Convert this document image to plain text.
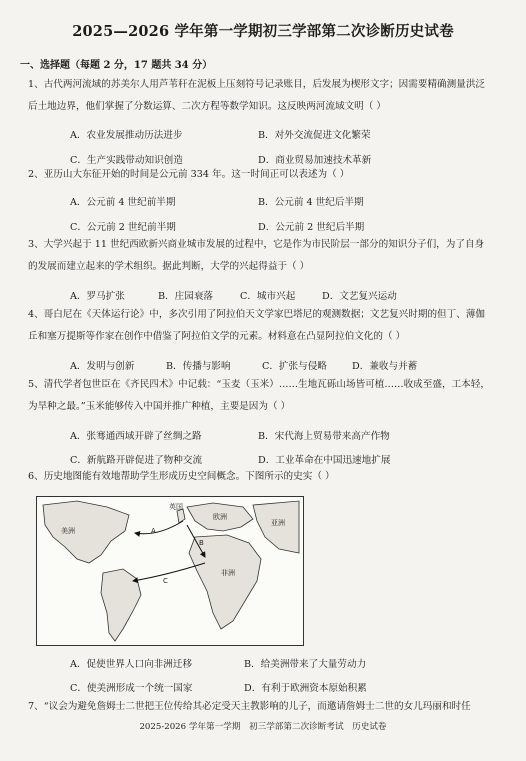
2025—2026 学年第一学期初三学部第二次诊断历史试卷
一、选择题（每题 2 分，17 题共 34 分）
1、古代两河流域的苏美尔人用芦苇秆在泥板上压刻符号记录账目，后发展为楔形文字；因需要精确测量洪泛
后土地边界，他们掌握了分数运算、二次方程等数学知识。这反映两河流域文明（ ）
A．农业发展推动历法进步	B．对外交流促进文化繁荣
C．生产实践带动知识创造	D．商业贸易加速技术革新
2、亚历山大东征开始的时间是公元前 334 年。这一时间正可以表述为（ ）
A．公元前 4 世纪前半期	B．公元前 4 世纪后半期
C．公元前 2 世纪前半期	D．公元前 2 世纪后半期
3、大学兴起于 11 世纪西欧新兴商业城市发展的过程中，它是作为市民阶层一部分的知识分子们，为了自身
的发展而建立起来的学术组织。据此判断，大学的兴起得益于（ ）
A．罗马扩张	B．庄园衰落	C．城市兴起	D．文艺复兴运动
4、哥白尼在《天体运行论》中，多次引用了阿拉伯天文学家巴塔尼的观测数据；文艺复兴时期的但丁、薄伽
丘和塞万提斯等作家在创作中借鉴了阿拉伯文学的元素。材料意在凸显阿拉伯文化的（ ）
A．发明与创新	B．传播与影响	C．扩张与侵略	D．兼收与并蓄
5、清代学者包世臣在《齐民四术》中记载：“玉麦（玉米）……生地瓦砾山场皆可植……收成至盛，工本轻，
为旱种之最。”玉米能够传入中国并推广种植，主要是因为（ ）
A．张骞通西域开辟了丝绸之路	B．宋代海上贸易带来高产作物
C．新航路开辟促进了物种交流	D．工业革命在中国迅速地扩展
6、历史地图能有效地帮助学生形成历史空间概念。下图所示的史实（ ）
美洲
英国
欧洲
非洲
亚洲
A
B
C
A．促使世界人口向非洲迁移	B．给美洲带来了大量劳动力
C．使美洲形成一个统一国家	D．有利于欧洲资本原始积累
7、“议会为避免詹姆士二世把王位传给其必定受天主教影响的儿子，而邀请詹姆士二世的女儿玛丽和时任
2025-2026 学年第一学期　初三学部第二次诊断考试　历史试卷
